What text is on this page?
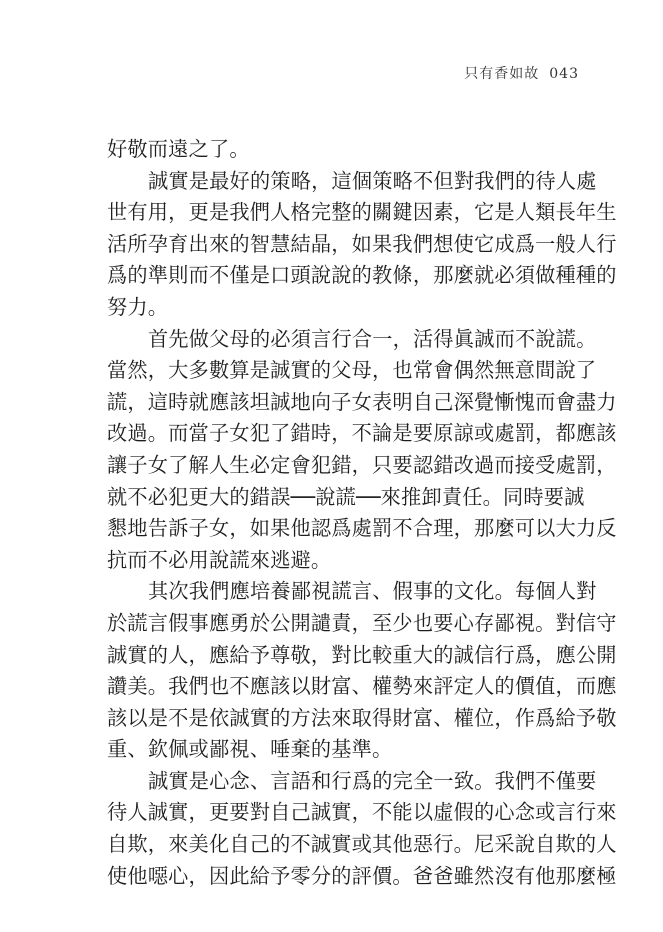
只有香如故 043
好敬而遠之了。
誠實是最好的策略，這個策略不但對我們的待人處
世有用，更是我們人格完整的關鍵因素，它是人類長年生
活所孕育出來的智慧結晶，如果我們想使它成爲一般人行
爲的準則而不僅是口頭說說的教條，那麼就必須做種種的
努力。
首先做父母的必須言行合一，活得眞誠而不說謊。
當然，大多數算是誠實的父母，也常會偶然無意間說了
謊，這時就應該坦誠地向子女表明自己深覺慚愧而會盡力
改過。而當子女犯了錯時，不論是要原諒或處罰，都應該
讓子女了解人生必定會犯錯，只要認錯改過而接受處罰，
就不必犯更大的錯誤──說謊──來推卸責任。同時要誠
懇地告訴子女，如果他認爲處罰不合理，那麼可以大力反
抗而不必用說謊來逃避。
其次我們應培養鄙視謊言、假事的文化。每個人對
於謊言假事應勇於公開譴責，至少也要心存鄙視。對信守
誠實的人，應給予尊敬，對比較重大的誠信行爲，應公開
讚美。我們也不應該以財富、權勢來評定人的價值，而應
該以是不是依誠實的方法來取得財富、權位，作爲給予敬
重、欽佩或鄙視、唾棄的基準。
誠實是心念、言語和行爲的完全一致。我們不僅要
待人誠實，更要對自己誠實，不能以虛假的心念或言行來
自欺，來美化自己的不誠實或其他惡行。尼采說自欺的人
使他噁心，因此給予零分的評價。爸爸雖然沒有他那麼極
